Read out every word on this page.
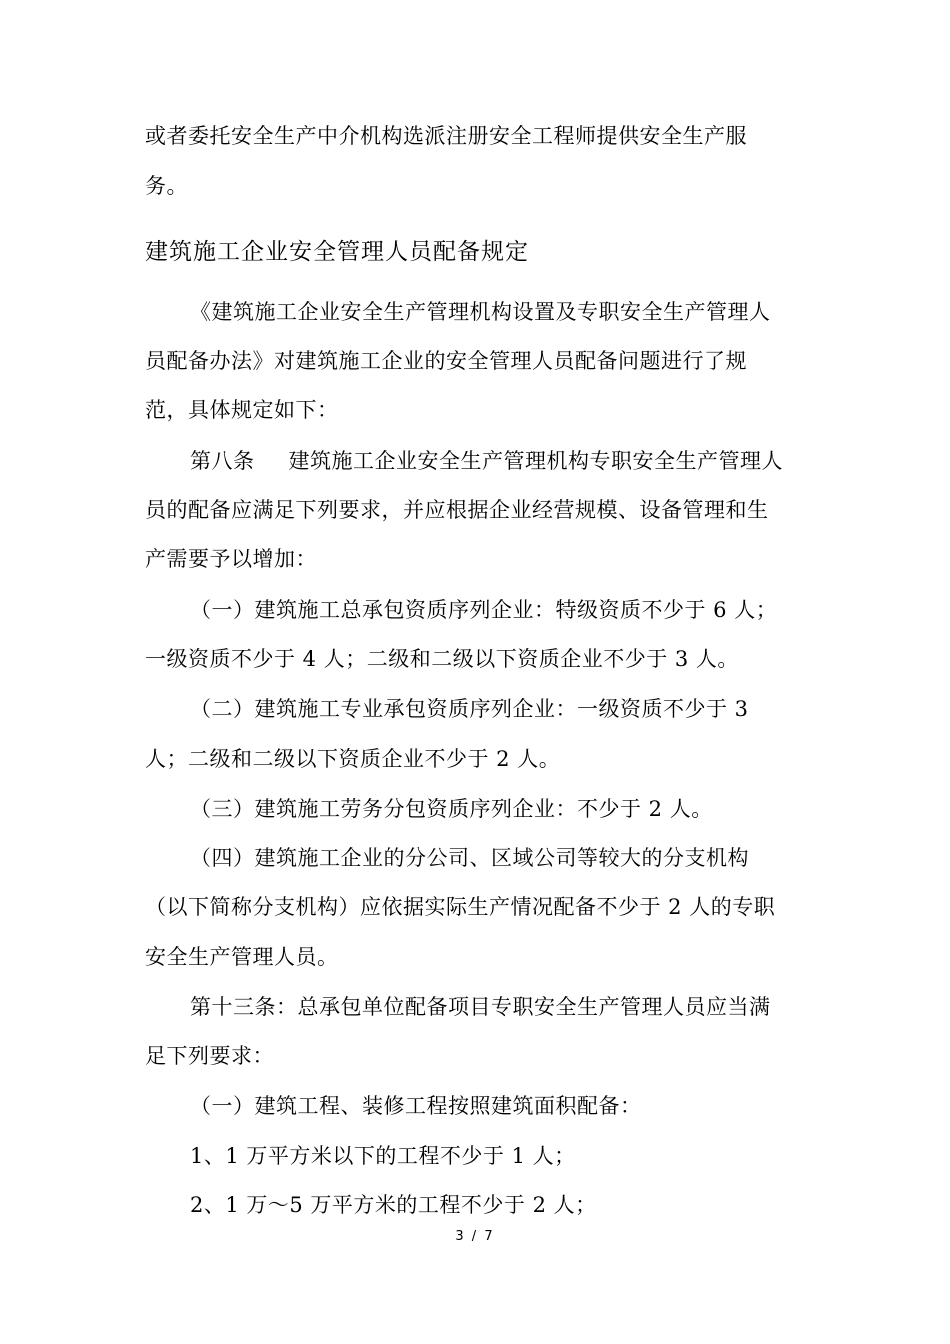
或者委托安全生产中介机构选派注册安全工程师提供安全生产服
务。
建筑施工企业安全管理人员配备规定
《建筑施工企业安全生产管理机构设置及专职安全生产管理人
员配备办法》对建筑施工企业的安全管理人员配备问题进行了规
范，具体规定如下：
第八条 建筑施工企业安全生产管理机构专职安全生产管理人
员的配备应满足下列要求，并应根据企业经营规模、设备管理和生
产需要予以增加：
（一）建筑施工总承包资质序列企业：特级资质不少于 6 人；
一级资质不少于 4 人；二级和二级以下资质企业不少于 3 人。
（二）建筑施工专业承包资质序列企业：一级资质不少于 3
人；二级和二级以下资质企业不少于 2 人。
（三）建筑施工劳务分包资质序列企业：不少于 2 人。
（四）建筑施工企业的分公司、区域公司等较大的分支机构
（以下简称分支机构）应依据实际生产情况配备不少于 2 人的专职
安全生产管理人员。
第十三条：总承包单位配备项目专职安全生产管理人员应当满
足下列要求：
（一）建筑工程、装修工程按照建筑面积配备：
1、1 万平方米以下的工程不少于 1 人；
2、1 万～5 万平方米的工程不少于 2 人；
3 / 7
